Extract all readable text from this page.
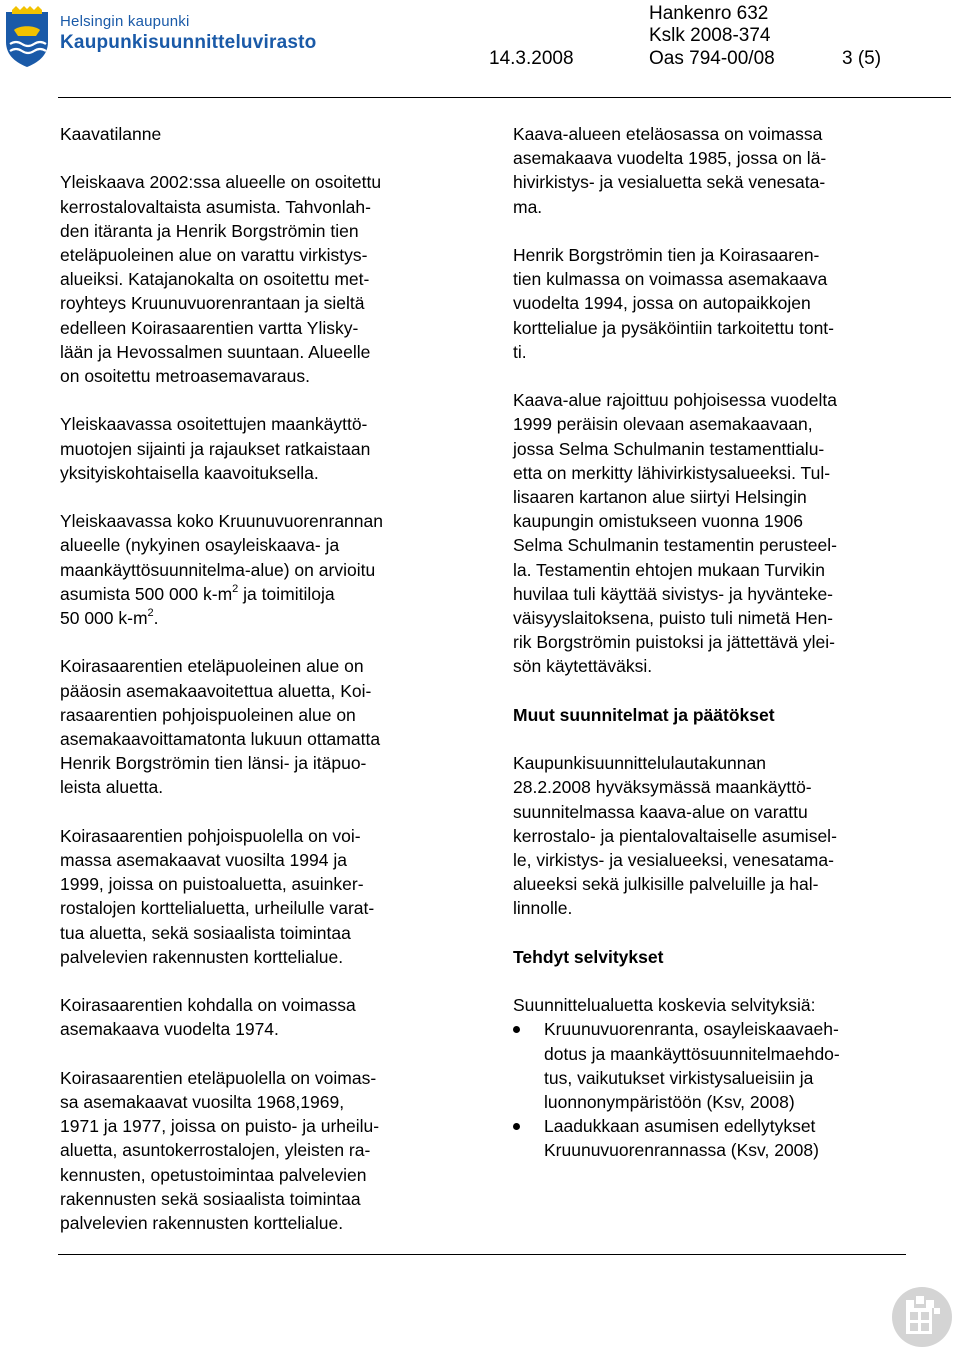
Helsingin kaupunki
Kaupunkisuunnitteluvirasto
Hankenro 632
Kslk 2008-374
14.3.2008	Oas 794-00/08	3 (5)

Kaavatilanne

Yleiskaava 2002:ssa alueelle on osoitettu
kerrostalovaltaista asumista. Tahvonlah-
den itäranta ja Henrik Borgströmin tien
eteläpuoleinen alue on varattu virkistys-
alueiksi. Katajanokalta on osoitettu met-
royhteys Kruunuvuorenrantaan ja sieltä
edelleen Koirasaarentien vartta Ylisky-
lään ja Hevossalmen suuntaan. Alueelle
on osoitettu metroasemavaraus.

Yleiskaavassa osoitettujen maankäyttö-
muotojen sijainti ja rajaukset ratkaistaan
yksityiskohtaisella kaavoituksella.

Yleiskaavassa koko Kruunuvuorenrannan
alueelle (nykyinen osayleiskaava- ja
maankäyttösuunnitelma-alue) on arvioitu
asumista 500 000 $k-m^2$ ja toimitiloja
50 000 $k-m^2$.

Koirasaarentien eteläpuoleinen alue on
pääosin asemakaavoitettua aluetta, Koi-
rasaarentien pohjoispuoleinen alue on
asemakaavoittamatonta lukuun ottamatta
Henrik Borgströmin tien länsi- ja itäpuo-
leista aluetta.

Koirasaarentien pohjoispuolella on voi-
massa asemakaavat vuosilta 1994 ja
1999, joissa on puistoaluetta, asuinker-
rostalojen korttelialuetta, urheilulle varat-
tua aluetta, sekä sosiaalista toimintaa
palvelevien rakennusten korttelialue.

Koirasaarentien kohdalla on voimassa
asemakaava vuodelta 1974.

Koirasaarentien eteläpuolella on voimas-
sa asemakaavat vuosilta 1968,1969,
1971 ja 1977, joissa on puisto- ja urheilu-
aluetta, asuntokerrostalojen, yleisten ra-
kennusten, opetustoimintaa palvelevien
rakennusten sekä sosiaalista toimintaa
palvelevien rakennusten korttelialue.

Kaava-alueen eteläosassa on voimassa
asemakaava vuodelta 1985, jossa on lä-
hivirkistys- ja vesialuetta sekä venesata-
ma.

Henrik Borgströmin tien ja Koirasaaren-
tien kulmassa on voimassa asemakaava
vuodelta 1994, jossa on autopaikkojen
korttelialue ja pysäköintiin tarkoitettu tont-
ti.

Kaava-alue rajoittuu pohjoisessa vuodelta
1999 peräisin olevaan asemakaavaan,
jossa Selma Schulmanin testamenttialu-
etta on merkitty lähivirkistysalueeksi. Tul-
lisaaren kartanon alue siirtyi Helsingin
kaupungin omistukseen vuonna 1906
Selma Schulmanin testamentin perusteel-
la. Testamentin ehtojen mukaan Turvikin
huvilaa tuli käyttää sivistys- ja hyväntеke-
väisyyslaitoksena, puisto tuli nimetä Hen-
rik Borgströmin puistoksi ja jättettävä ylei-
sön käytettäväksi.

Muut suunnitelmat ja päätökset

Kaupunkisuunnittelulautakunnan
28.2.2008 hyväksymässä maankäyttö-
suunnitelmassa kaava-alue on varattu
kerrostalo- ja pientalovaltaiselle asumisel-
le, virkistys- ja vesialueeksi, venesatama-
alueeksi sekä julkisille palveluille ja hal-
linnolle.

Tehdyt selvitykset

Suunnittelualuetta koskevia selvityksiä:

Kruunuvuorenranta, osayleiskaavaeh-
dotus ja maankäyttösuunnitelmaehdo-
tus, vaikutukset virkistysalueisiin ja
luonnonympäristöön (Ksv, 2008)
Laadukkaan asumisen edellytykset
Kruunuvuorenrannassa (Ksv, 2008)
